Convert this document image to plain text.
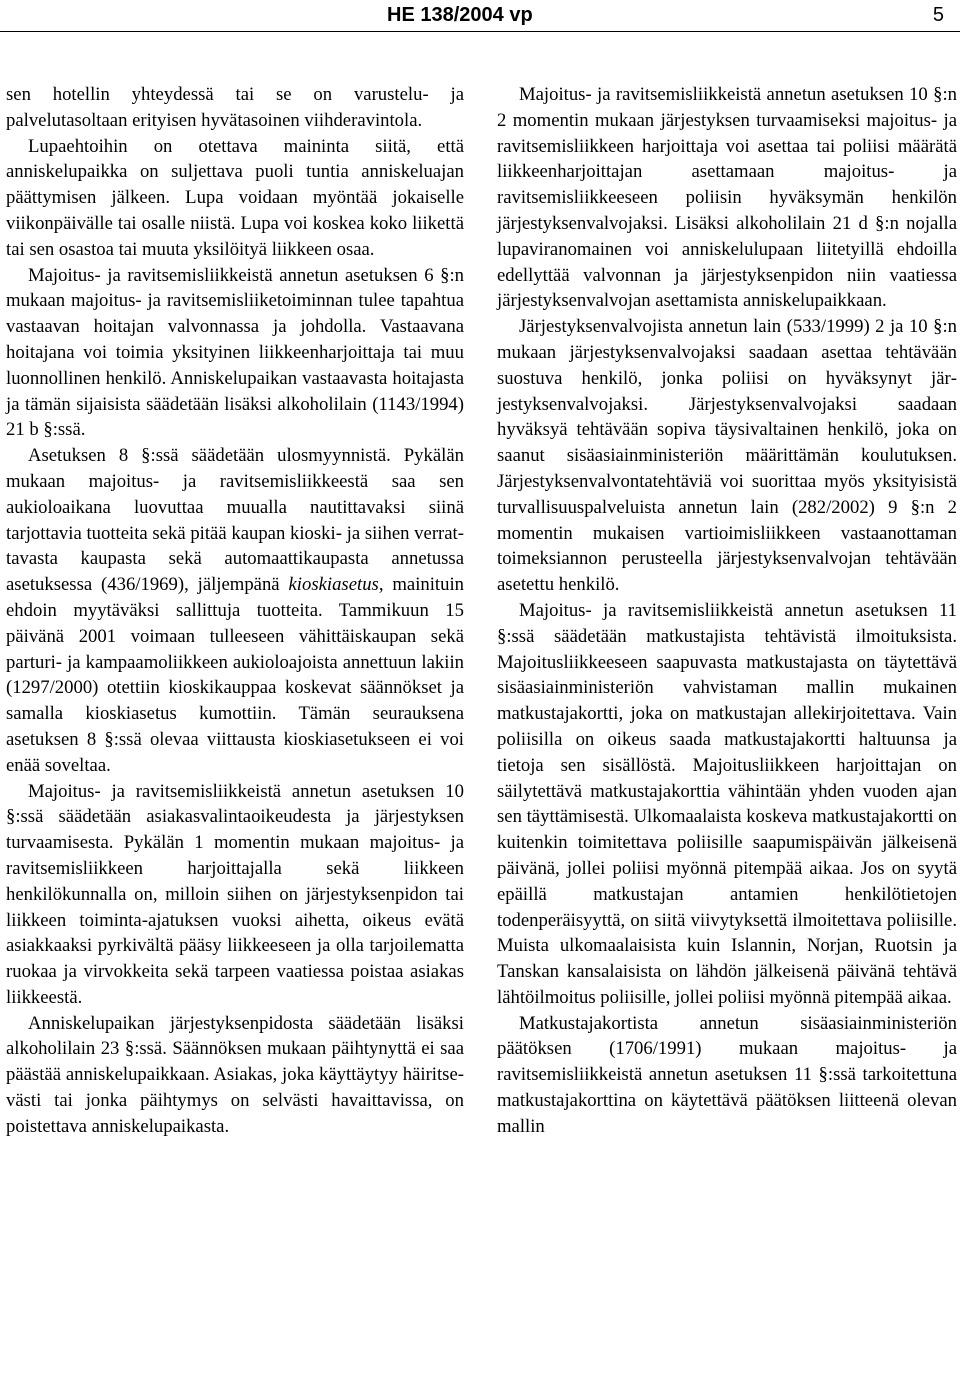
HE 138/2004 vp	5

sen hotellin yhteydessä tai se on varustelu- ja palvelutasoltaan erityisen hyvätasoinen viihderavintola.

Lupaehtoihin on otettava maininta siitä, että anniskelupaikka on suljettava puoli tuntia anniskeluajan päättymisen jälkeen. Lupa voidaan myöntää jokaiselle viikonpäivälle tai osalle niistä. Lupa voi koskea koko liikettä tai sen osastoa tai muuta yksilöityä liikkeen osaa.

Majoitus- ja ravitsemisliikkeistä annetun asetuksen 6 §:n mukaan majoitus- ja ravitsemisliiketoiminnan tulee tapahtua vastaavan hoitajan valvonnassa ja johdolla. Vastaavana hoitajana voi toimia yksityinen liikkeenharjoittaja tai muu luonnollinen henkilö. Anniskelupaikan vastaavasta hoitajasta ja tämän sijaisista säädetään lisäksi alkoholilain (1143/1994) 21 b §:ssä.

Asetuksen 8 §:ssä säädetään ulosmyynnistä. Pykälän mukaan majoitus- ja ravitsemisliikkeestä saa sen aukioloaikana luovuttaa muualla nautittavaksi siinä tarjottavia tuotteita sekä pitää kaupan kioski- ja siihen verrattavasta kaupasta sekä automaattikaupasta annetussa asetuksessa (436/1969), jäljempänä kioskiasetus, mainituin ehdoin myytäväksi sallittuja tuotteita. Tammikuun 15 päivänä 2001 voimaan tulleeseen vähittäiskaupan sekä parturi- ja kampaamoliikkeen aukioloajoista annettuun lakiin (1297/2000) otettiin kioskikauppaa koskevat säännökset ja samalla kioskiasetus kumottiin. Tämän seurauksena asetuksen 8 §:ssä olevaa viittausta kioskiasetukseen ei voi enää soveltaa.

Majoitus- ja ravitsemisliikkeistä annetun asetuksen 10 §:ssä säädetään asiakasvalintaoikeudesta ja järjestyksen turvaamisesta. Pykälän 1 momentin mukaan majoitus- ja ravitsemisliikkeen harjoittajalla sekä liikkeen henkilökunnalla on, milloin siihen on järjestyksenpidon tai liikkeen toiminta-ajatuksen vuoksi aihetta, oikeus evätä asiakkaaksi pyrkivältä pääsy liikkeeseen ja olla tarjoilematta ruokaa ja virvokkeita sekä tarpeen vaatiessa poistaa asiakas liikkeestä.

Anniskelupaikan järjestyksenpidosta säädetään lisäksi alkoholilain 23 §:ssä. Säännöksen mukaan päihtynyttä ei saa päästää anniskelupaikkaan. Asiakas, joka käyttäytyy häiritsevästi tai jonka päihtymys on selvästi havaittavissa, on poistettava anniskelupaikasta.

Majoitus- ja ravitsemisliikkeistä annetun asetuksen 10 §:n 2 momentin mukaan järjestyksen turvaamiseksi majoitus- ja ravitsemisliikkeen harjoittaja voi asettaa tai poliisi määrätä liikkeenharjoittajan asettamaan majoitus- ja ravitsemisliikkeeseen poliisin hyväksymän henkilön järjestyksenvalvojaksi. Lisäksi alkoholilain 21 d §:n nojalla lupaviranomainen voi anniskelulupaan liitetyillä ehdoilla edellyttää valvonnan ja järjestyksenpidon niin vaatiessa järjestyksenvalvojan asettamista anniskelupaikkaan.

Järjestyksenvalvojista annetun lain (533/1999) 2 ja 10 §:n mukaan järjestyksenvalvojaksi saadaan asettaa tehtävään suostuva henkilö, jonka poliisi on hyväksynyt järjestyksenvalvojaksi. Järjestyksenvalvojaksi saadaan hyväksyä tehtävään sopiva täysivaltainen henkilö, joka on saanut sisäasiainministeriön määrittämän koulutuksen. Järjestyksenvalvontatehtäviä voi suorittaa myös yksityisistä turvallisuuspalveluista annetun lain (282/2002) 9 §:n 2 momentin mukaisen vartioimisliikkeen vastaanottaman toimeksiannon perusteella järjestyksenvalvojan tehtävään asetettu henkilö.

Majoitus- ja ravitsemisliikkeistä annetun asetuksen 11 §:ssä säädetään matkustajista tehtävistä ilmoituksista. Majoitusliikkeeseen saapuvasta matkustajasta on täytettävä sisäasiainministeriön vahvistaman mallin mukainen matkustajakortti, joka on matkustajan allekirjoitettava. Vain poliisilla on oikeus saada matkustajakortti haltuunsa ja tietoja sen sisällöstä. Majoitusliikkeen harjoittajan on säilytettävä matkustajakorttia vähintään yhden vuoden ajan sen täyttämisestä. Ulkomaalaista koskeva matkustajakortti on kuitenkin toimitettava poliisille saapumispäivän jälkeisenä päivänä, jollei poliisi myönnä pitempää aikaa. Jos on syytä epäillä matkustajan antamien henkilötietojen todenperäisyyttä, on siitä viivytyksettä ilmoitettava poliisille. Muista ulkomaalaisista kuin Islannin, Norjan, Ruotsin ja Tanskan kansalaisista on lähdön jälkeisenä päivänä tehtävä lähtöilmoitus poliisille, jollei poliisi myönnä pitempää aikaa.

Matkustajakortista annetun sisäasiainministeriön päätöksen (1706/1991) mukaan majoitus- ja ravitsemisliikkeistä annetun asetuksen 11 §:ssä tarkoitettuna matkustajakorttina on käytettävä päätöksen liitteenä olevan mallin
